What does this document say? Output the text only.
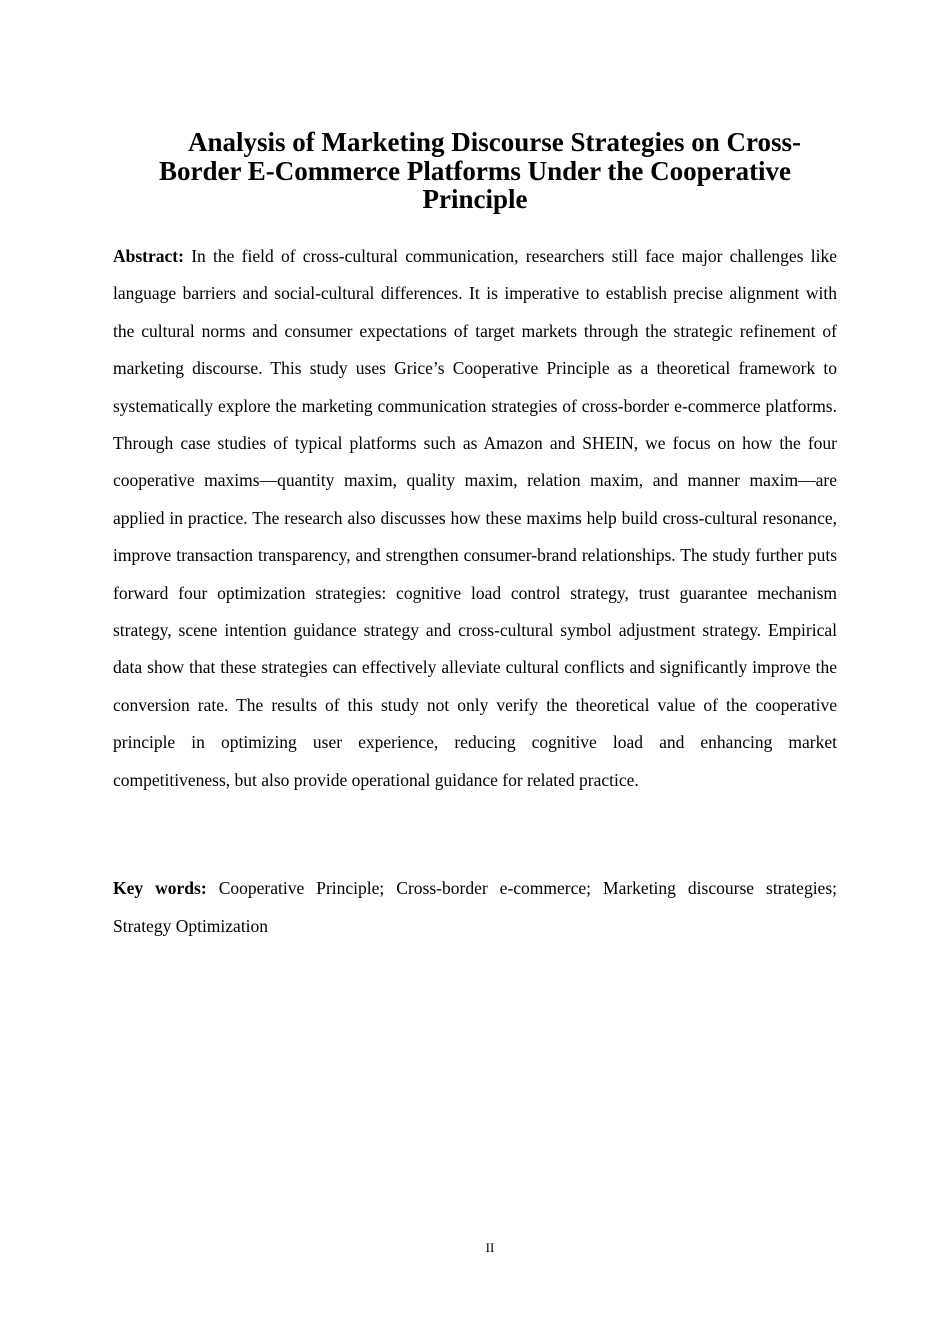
Analysis of Marketing Discourse Strategies on Cross-Border E-Commerce Platforms Under the Cooperative Principle

Abstract: In the field of cross-cultural communication, researchers still face major challenges like language barriers and social-cultural differences. It is imperative to establish precise alignment with the cultural norms and consumer expectations of target markets through the strategic refinement of marketing discourse. This study uses Grice’s Cooperative Principle as a theoretical framework to systematically explore the marketing communication strategies of cross-border e-commerce platforms. Through case studies of typical platforms such as Amazon and SHEIN, we focus on how the four cooperative maxims—quantity maxim, quality maxim, relation maxim, and manner maxim—are applied in practice. The research also discusses how these maxims help build cross-cultural resonance, improve transaction transparency, and strengthen consumer-brand relationships. The study further puts forward four optimization strategies: cognitive load control strategy, trust guarantee mechanism strategy, scene intention guidance strategy and cross-cultural symbol adjustment strategy. Empirical data show that these strategies can effectively alleviate cultural conflicts and significantly improve the conversion rate. The results of this study not only verify the theoretical value of the cooperative principle in optimizing user experience, reducing cognitive load and enhancing market competitiveness, but also provide operational guidance for related practice.

Key words: Cooperative Principle; Cross-border e-commerce; Marketing discourse strategies; Strategy Optimization

II
